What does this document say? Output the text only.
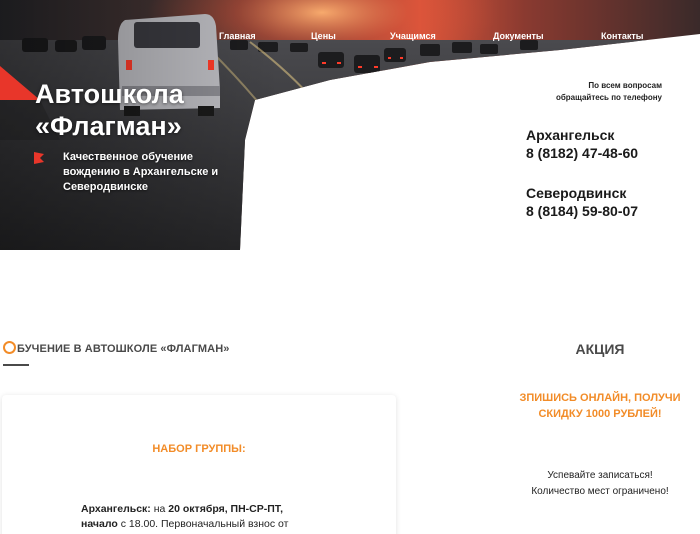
Главная	Цены	Учащимся	Документы	Контакты
Автошкола
«Флагман»

Качественное обучение вождению в Архангельске и Северодвинске

По всем вопросам
обращайтесь по телефону
Архангельск
8 (8182) 47-48-60
Северодвинск
8 (8184) 59-80-07
БУЧЕНИЕ В АВТОШКОЛЕ «ФЛАГМАН»
НАБОР ГРУППЫ:

Архангельск: на 20 октября, ПН-СР-ПТ,
начало с 18.00. Первоначальный взнос от

АКЦИЯ
ЗПИШИСЬ ОНЛАЙН, ПОЛУЧИ
СКИДКУ 1000 РУБЛЕЙ!
Успевайте записаться!
Количество мест ограничено!
